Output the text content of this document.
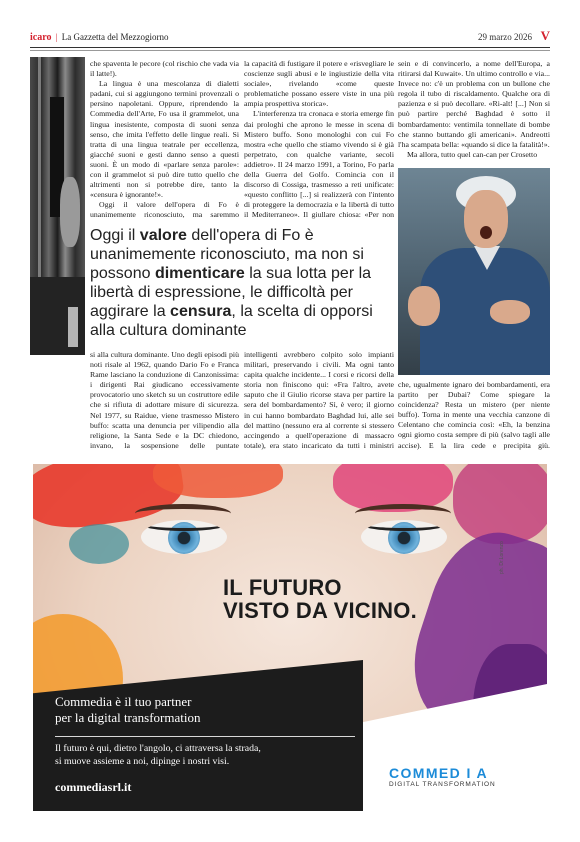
icaro | La Gazzetta del Mezzogiorno	29 marzo 2026 V

che spaventa le pecore (col rischio che vada via il latte!).

La lingua è una mescolanza di dialetti padani, cui si aggiungono termini provenzali o persino napoletani. Oppure, riprendendo la Commedia dell'Arte, Fo usa il grammelot, una lingua inesistente, composta di suoni senza senso, che imita l'effetto delle lingue reali. Si tratta di una lingua teatrale per eccellenza, giacché suoni e gesti danno senso a questi suoni. È un modo di «parlare senza parole»: con il grammelot si può dire tutto quello che altrimenti non si potrebbe dire, tanto la «censura è ignorante!».

Oggi il valore dell'opera di Fo è unanimemente riconosciuto, ma saremmo

la capacità di fustigare il potere e «risvegliare le coscienze sugli abusi e le ingiustizie della vita sociale», rivelando «come queste problematiche possano essere viste in una più ampia prospettiva storica».

L'interferenza tra cronaca e storia emerge fin dai prologhi che aprono le messe in scena di Mistero buffo. Sono monologhi con cui Fo mostra «che quello che stiamo vivendo si è già perpetrato, con qualche variante, secoli addietro». Il 24 marzo 1991, a Torino, Fo parla della Guerra del Golfo. Comincia con il discorso di Cossiga, trasmesso a reti unificate: «questo conflitto [...] si realizzerà con l'intento di proteggere la democrazia e la libertà di tutto il Mediterraneo». Il giullare chiosa: «Per non

sein e di convincerlo, a nome dell'Europa, a ritirarsi dal Kuwait». Un ultimo controllo e via... Invece no: c'è un problema con un bullone che regola il tubo di riscaldamento. Qualche ora di pazienza e si può decollare. «Ri-alt! [...] Non si può partire perché Baghdad è sotto il bombardamento: ventimila tonnellate di bombe che stanno buttando gli americani». Andreotti l'ha scampata bella: «quando si dice la fatalità!».

Ma allora, tutto quel can-can per Crosetto

Oggi il valore dell'opera di Fo è unanimemente riconosciuto, ma non si possono dimenticare la sua lotta per la libertà di espressione, le difficoltà per aggirare la censura, la scelta di opporsi alla cultura dominante

si alla cultura dominante. Uno degli episodi più noti risale al 1962, quando Dario Fo e Franca Rame lasciano la conduzione di Canzonissima: i dirigenti Rai giudicano eccessivamente provocatorio uno sketch su un costruttore edile che si rifiuta di adottare misure di sicurezza. Nel 1977, su Raidue, viene trasmesso Mistero buffo: scatta una denuncia per vilipendio alla religione, la Santa Sede e la DC chiedono, invano, la sospensione delle puntate

intelligenti avrebbero colpito solo impianti militari, preservando i civili. Ma ogni tanto capita qualche incidente... I corsi e ricorsi della storia non finiscono qui: «Fra l'altro, avete saputo che il Giulio ricorse stava per partire la sera del bombardamento? Sì, è vero; il giorno in cui hanno bombardato Baghdad lui, alle sei del mattino (nessuno era al corrente si stessero accingendo a quell'operazione di massacro totale), era stato incaricato da tutti i ministri

che, ugualmente ignaro dei bombardamenti, era partito per Dubai? Come spiegare la coincidenza? Resta un mistero (per niente buffo). Torna in mente una vecchia canzone di Celentano che comincia così: «Eh, la benzina ogni giorno costa sempre di più (salvo tagli alle accise). E la lira cede e precipita giù.

IL FUTURO
VISTO DA VICINO.

ph. Dr.Lorenzo

Commedia è il tuo partner
per la digital transformation

Il futuro è qui, dietro l'angolo, ci attraversa la strada,
si muove assieme a noi, dipinge i nostri visi.

commediasrl.it

COMMED I A

DIGITAL TRANSFORMATION
